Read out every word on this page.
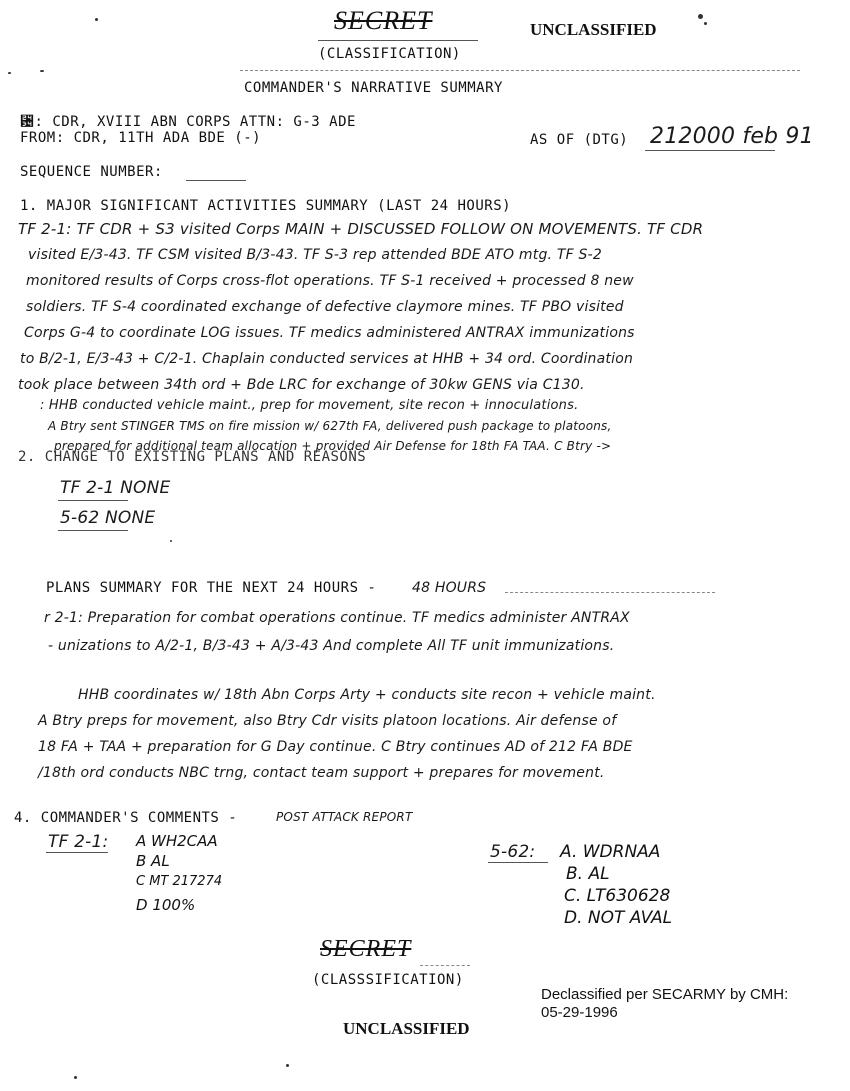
SECRET	UNCLASSIFIED
(CLASSIFICATION)
COMMANDER'S NARRATIVE SUMMARY
␴: CDR, XVIII ABN CORPS ATTN: G-3 ADE
FROM: CDR, 11TH ADA BDE (-)	AS OF (DTG) 212000 feb 91
SEQUENCE NUMBER:
1. MAJOR SIGNIFICANT ACTIVITIES SUMMARY (LAST 24 HOURS)
TF 2-1: TF CDR + S3 visited Corps MAIN + DISCUSSED FOLLOW ON MOVEMENTS. TF CDR
visited E/3-43. TF CSM visited B/3-43. TF S-3 rep attended BDE ATO mtg. TF S-2
monitored results of Corps cross-flot operations. TF S-1 received + processed 8 new
soldiers. TF S-4 coordinated exchange of defective claymore mines. TF PBO visited
Corps G-4 to coordinate LOG issues. TF medics administered ANTRAX immunizations
to B/2-1, E/3-43 + C/2-1. Chaplain conducted services at HHB + 34 ord. Coordination
took place between 34th ord + Bde LRC for exchange of 30kw GENS via C130.
: HHB conducted vehicle maint., prep for movement, site recon + innoculations.
A Btry sent STINGER TMS on fire mission w/ 627th FA, delivered push package to platoons,
prepared for additional team allocation + provided Air Defense for 18th FA TAA. C Btry ->
2. CHANGE TO EXISTING PLANS AND REASONS
TF 2-1 NONE
5-62 NONE
PLANS SUMMARY FOR THE NEXT 24 HOURS -	48 HOURS
r 2-1: Preparation for combat operations continue. TF medics administer ANTRAX
- unizations to A/2-1, B/3-43 + A/3-43 And complete All TF unit immunizations.
HHB coordinates w/ 18th Abn Corps Arty + conducts site recon + vehicle maint.
A Btry preps for movement, also Btry Cdr visits platoon locations. Air defense of
18 FA + TAA + preparation for G Day continue. C Btry continues AD of 212 FA BDE
/18th ord conducts NBC trng, contact team support + prepares for movement.
4. COMMANDER'S COMMENTS -	POST ATTACK REPORT
TF 2-1: A WH2CAA
B AL
C MT 217274
D 100%
5-62: A. WDRNAA
B. AL
C. LT630628
D. NOT AVAL
SECRET
(CLASSSIFICATION)
Declassified per SECARMY by CMH:
05-29-1996
UNCLASSIFIED
